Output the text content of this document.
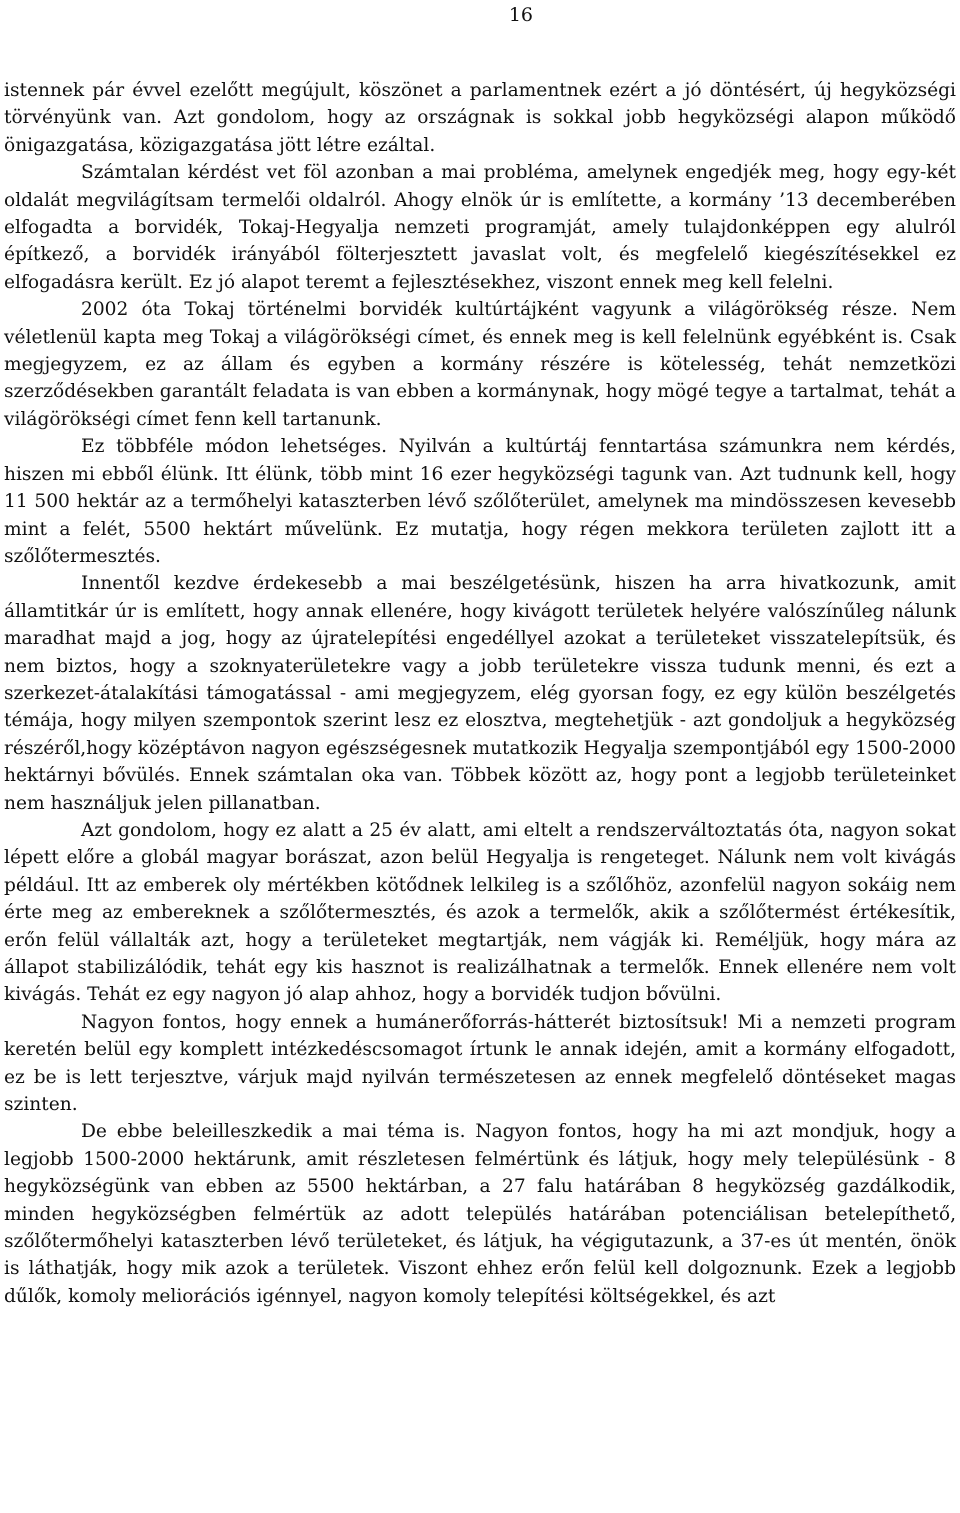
16

istennek pár évvel ezelőtt megújult, köszönet a parlamentnek ezért a jó döntésért, új hegyközségi törvényünk van. Azt gondolom, hogy az országnak is sokkal jobb hegyközségi alapon működő önigazgatása, közigazgatása jött létre ezáltal.

Számtalan kérdést vet föl azonban a mai probléma, amelynek engedjék meg, hogy egy-két oldalát megvilágítsam termelői oldalról. Ahogy elnök úr is említette, a kormány ’13 decemberében elfogadta a borvidék, Tokaj-Hegyalja nemzeti programját, amely tulajdonképpen egy alulról építkező, a borvidék irányából fölterjesztett javaslat volt, és megfelelő kiegészítésekkel ez elfogadásra került. Ez jó alapot teremt a fejlesztésekhez, viszont ennek meg kell felelni.

2002 óta Tokaj történelmi borvidék kultúrtájként vagyunk a világörökség része. Nem véletlenül kapta meg Tokaj a világörökségi címet, és ennek meg is kell felelnünk egyébként is. Csak megjegyzem, ez az állam és egyben a kormány részére is kötelesség, tehát nemzetközi szerződésekben garantált feladata is van ebben a kormánynak, hogy mögé tegye a tartalmat, tehát a világörökségi címet fenn kell tartanunk.

Ez többféle módon lehetséges. Nyilván a kultúrtáj fenntartása számunkra nem kérdés, hiszen mi ebből élünk. Itt élünk, több mint 16 ezer hegyközségi tagunk van. Azt tudnunk kell, hogy 11 500 hektár az a termőhelyi kataszterben lévő szőlőterület, amelynek ma mindösszesen kevesebb mint a felét, 5500 hektárt művelünk. Ez mutatja, hogy régen mekkora területen zajlott itt a szőlőtermesztés.

Innentől kezdve érdekesebb a mai beszélgetésünk, hiszen ha arra hivatkozunk, amit államtitkár úr is említett, hogy annak ellenére, hogy kivágott területek helyére valószínűleg nálunk maradhat majd a jog, hogy az újratelepítési engedéllyel azokat a területeket visszatelepítsük, és nem biztos, hogy a szoknyaterületekre vagy a jobb területekre vissza tudunk menni, és ezt a szerkezet-átalakítási támogatással - ami megjegyzem, elég gyorsan fogy, ez egy külön beszélgetés témája, hogy milyen szempontok szerint lesz ez elosztva, megtehetjük - azt gondoljuk a hegyközség részéről,hogy középtávon nagyon egészségesnek mutatkozik Hegyalja szempontjából egy 1500-2000 hektárnyi bővülés. Ennek számtalan oka van. Többek között az, hogy pont a legjobb területeinket nem használjuk jelen pillanatban.

Azt gondolom, hogy ez alatt a 25 év alatt, ami eltelt a rendszerváltoztatás óta, nagyon sokat lépett előre a globál magyar borászat, azon belül Hegyalja is rengeteget. Nálunk nem volt kivágás például. Itt az emberek oly mértékben kötődnek lelkileg is a szőlőhöz, azonfelül nagyon sokáig nem érte meg az embereknek a szőlőtermesztés, és azok a termelők, akik a szőlőtermést értékesítik, erőn felül vállalták azt, hogy a területeket megtartják, nem vágják ki. Reméljük, hogy mára az állapot stabilizálódik, tehát egy kis hasznot is realizálhatnak a termelők. Ennek ellenére nem volt kivágás. Tehát ez egy nagyon jó alap ahhoz, hogy a borvidék tudjon bővülni.

Nagyon fontos, hogy ennek a humánerőforrás-hátterét biztosítsuk! Mi a nemzeti program keretén belül egy komplett intézkedéscsomagot írtunk le annak idején, amit a kormány elfogadott, ez be is lett terjesztve, várjuk majd nyilván természetesen az ennek megfelelő döntéseket magas szinten.

De ebbe beleilleszkedik a mai téma is. Nagyon fontos, hogy ha mi azt mondjuk, hogy a legjobb 1500-2000 hektárunk, amit részletesen felmértünk és látjuk, hogy mely településünk - 8 hegyközségünk van ebben az 5500 hektárban, a 27 falu határában 8 hegyközség gazdálkodik, minden hegyközségben felmértük az adott település határában potenciálisan betelepíthető, szőlőtermőhelyi kataszterben lévő területeket, és látjuk, ha végigutazunk, a 37-es út mentén, önök is láthatják, hogy mik azok a területek. Viszont ehhez erőn felül kell dolgoznunk. Ezek a legjobb dűlők, komoly meliorációs igénnyel, nagyon komoly telepítési költségekkel, és azt
